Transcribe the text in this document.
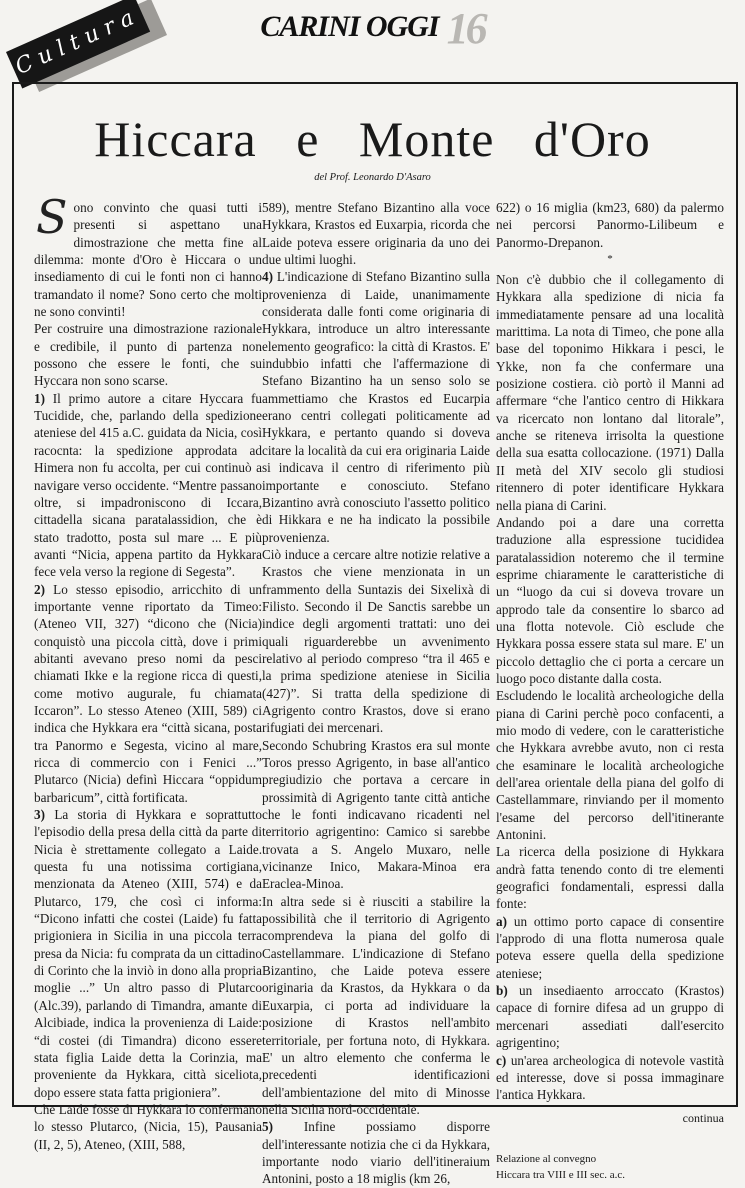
CARINI OGGI 16
Cultura
Hiccara e Monte d'Oro
del Prof. Leonardo D'Asaro

Sono convinto che quasi tutti i presenti si aspettano una dimostrazione che metta fine al dilemma: monte d'Oro è Hiccara o un insediamento di cui le fonti non ci hanno tramandato il nome? Sono certo che molti ne sono convinti!

Per costruire una dimostrazione razionale e credibile, il punto di partenza non possono che essere le fonti, che su Hyccara non sono scarse.

1) Il primo autore a citare Hyccara fu Tucidide, che, parlando della spedizione ateniese del 415 a.C. guidata da Nicia, così racocnta: la spedizione approdata ad Himera non fu accolta, per cui continuò a navigare verso occidente. “Mentre passano oltre, si impadroniscono di Iccara, cittadella sicana paratalassidion, che è stato tradotto, posta sul mare ... E più avanti “Nicia, appena partito da Hykkara fece vela verso la regione di Segesta”.

2) Lo stesso episodio, arricchito di un importante venne riportato da Timeo: (Ateneo VII, 327) “dicono che (Nicia) conquistò una piccola città, dove i primi abitanti avevano preso nomi da pesci chiamati Ikke e la regione ricca di questi, come motivo augurale, fu chiamata Iccaron”. Lo stesso Ateneo (XIII, 589) ci indica che Hykkara era “città sicana, posta tra Panormo e Segesta, vicino al mare, ricca di commercio con i Fenici ...” Plutarco (Nicia) definì Hiccara “oppidum barbaricum”, città fortificata.

3) La storia di Hykkara e soprattutto l'episodio della presa della città da parte di Nicia è strettamente collegato a Laide. questa fu una notissima cortigiana, menzionata da Ateneo (XIII, 574) e da Plutarco, 179, che così ci informa: “Dicono infatti che costei (Laide) fu fatta prigioniera in Sicilia in una piccola terra presa da Nicia: fu comprata da un cittadino di Corinto che la inviò in dono alla propria moglie ...” Un altro passo di Plutarco (Alc.39), parlando di Timandra, amante di Alcibiade, indica la provenienza di Laide: “di costei (di Timandra) dicono essere stata figlia Laide detta la Corinzia, ma proveniente da Hykkara, città siceliota, dopo essere stata fatta prigioniera”.

Che Laide fosse di Hykkara lo confermano lo stesso Plutarco, (Nicia, 15), Pausania (II, 2, 5), Ateneo, (XIII, 588,

589), mentre Stefano Bizantino alla voce Hykkara, Krastos ed Euxarpia, ricorda che Laide poteva essere originaria da uno dei due ultimi luoghi.

4) L'indicazione di Stefano Bizantino sulla provenienza di Laide, unanimamente considerata dalle fonti come originaria di Hykkara, introduce un altro interessante elemento geografico: la città di Krastos. E' indubbio infatti che l'affermazione di Stefano Bizantino ha un senso solo se ammettiamo che Krastos ed Eucarpia erano centri collegati politicamente ad Hykkara, e pertanto quando si doveva citare la località da cui era originaria Laide si indicava il centro di riferimento più importante e conosciuto. Stefano Bizantino avrà conosciuto l'assetto politico di Hikkara e ne ha indicato la possibile provenienza.

Ciò induce a cercare altre notizie relative a Krastos che viene menzionata in un frammento della Suntazis dei Sixelixà di Filisto. Secondo il De Sanctis sarebbe un indice degli argomenti trattati: uno dei quali riguarderebbe un avvenimento relativo al periodo compreso “tra il 465 e la prima spedizione ateniese in Sicilia (427)”. Si tratta della spedizione di Agrigento contro Krastos, dove si erano rifugiati dei mercenari.

Secondo Schubring Krastos era sul monte Toros presso Agrigento, in base all'antico pregiudizio che portava a cercare in prossimità di Agrigento tante città antiche che le fonti indicavano ricadenti nel territorio agrigentino: Camico si sarebbe trovata a S. Angelo Muxaro, nelle vicinanze Inico, Makara-Minoa era Eraclea-Minoa.

In altra sede si è riusciti a stabilire la possibilità che il territorio di Agrigento comprendeva la piana del golfo di Castellammare. L'indicazione di Stefano Bizantino, che Laide poteva essere originaria da Krastos, da Hykkara o da Euxarpia, ci porta ad individuare la posizione di Krastos nell'ambito territoriale, per fortuna noto, di Hykkara. E' un altro elemento che conferma le precedenti identificazioni dell'ambientazione del mito di Minosse nella Sicilia nord-occidentale.

5) Infine possiamo disporre dell'interessante notizia che ci da Hykkara, importante nodo viario dell'itineraium Antonini, posto a 18 miglis (km 26,

622) o 16 miglia (km23, 680) da palermo nei percorsi Panormo-Lilibeum e Panormo-Drepanon.

*

Non c'è dubbio che il collegamento di Hykkara alla spedizione di nicia fa immediatamente pensare ad una località marittima. La nota di Timeo, che pone alla base del toponimo Hikkara i pesci, le Ykke, non fa che confermare una posizione costiera. ciò portò il Manni ad affermare “che l'antico centro di Hikkara va ricercato non lontano dal litorale”, anche se riteneva irrisolta la questione della sua esatta collocazione. (1971) Dalla II metà del XIV secolo gli studiosi ritennero di poter identificare Hykkara nella piana di Carini.

Andando poi a dare una corretta traduzione alla espressione tucididea paratalassidion noteremo che il termine esprime chiaramente le caratteristiche di un “luogo da cui si doveva trovare un approdo tale da consentire lo sbarco ad una flotta notevole. Ciò esclude che Hykkara possa essere stata sul mare. E' un piccolo dettaglio che ci porta a cercare un luogo poco distante dalla costa.

Escludendo le località archeologiche della piana di Carini perchè poco confacenti, a mio modo di vedere, con le caratteristiche che Hykkara avrebbe avuto, non ci resta che esaminare le località archeologiche dell'area orientale della piana del golfo di Castellammare, rinviando per il momento l'esame del percorso dell'itinerante Antonini.

La ricerca della posizione di Hykkara andrà fatta tenendo conto di tre elementi geografici fondamentali, espressi dalla fonte:

a) un ottimo porto capace di consentire l'approdo di una flotta numerosa quale poteva essere quella della spedizione ateniese;

b) un insediaento arroccato (Krastos) capace di fornire difesa ad un gruppo di mercenari assediati dall'esercito agrigentino;

c) un'area archeologica di notevole vastità ed interesse, dove si possa immaginare l'antica Hykkara.

continua

Relazione al convegno
Hiccara tra VIII e III sec. a.c.
